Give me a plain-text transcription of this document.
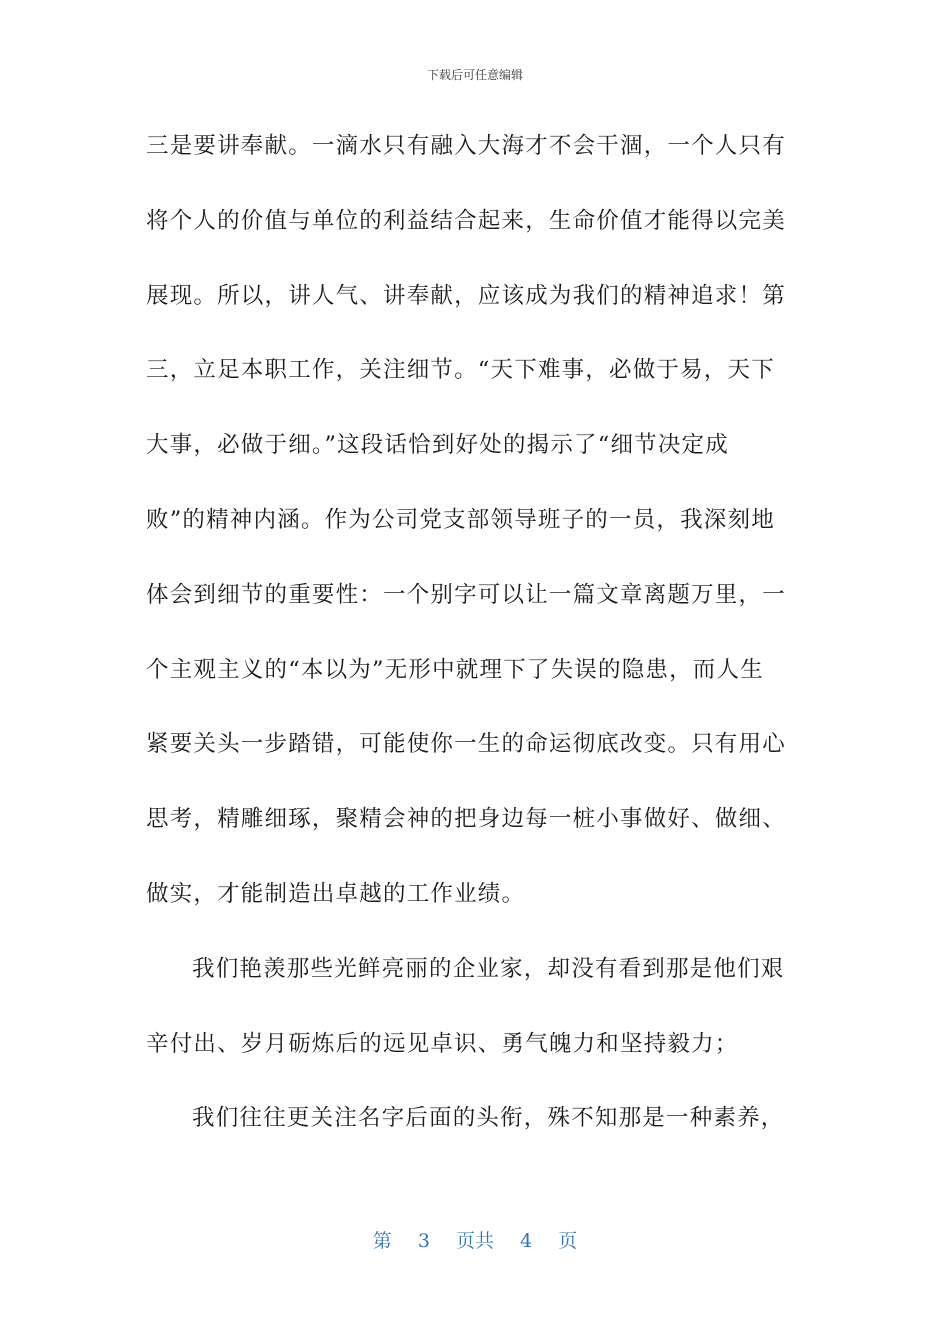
下载后可任意编辑
三是要讲奉献。一滴水只有融入大海才不会干涸，一个人只有
将个人的价值与单位的利益结合起来，生命价值才能得以完美
展现。所以，讲人气、讲奉献，应该成为我们的精神追求！第
三，立足本职工作，关注细节。“天下难事，必做于易，天下
大事，必做于细。”这段话恰到好处的揭示了“细节决定成
败”的精神内涵。作为公司党支部领导班子的一员，我深刻地
体会到细节的重要性：一个别字可以让一篇文章离题万里，一
个主观主义的“本以为”无形中就理下了失误的隐患，而人生
紧要关头一步踏错，可能使你一生的命运彻底改变。只有用心
思考，精雕细琢，聚精会神的把身边每一桩小事做好、做细、
做实，才能制造出卓越的工作业绩。
我们艳羡那些光鲜亮丽的企业家，却没有看到那是他们艰
辛付出、岁月砺炼后的远见卓识、勇气魄力和坚持毅力；
我们往往更关注名字后面的头衔，殊不知那是一种素养，
第 3 页共 4 页
